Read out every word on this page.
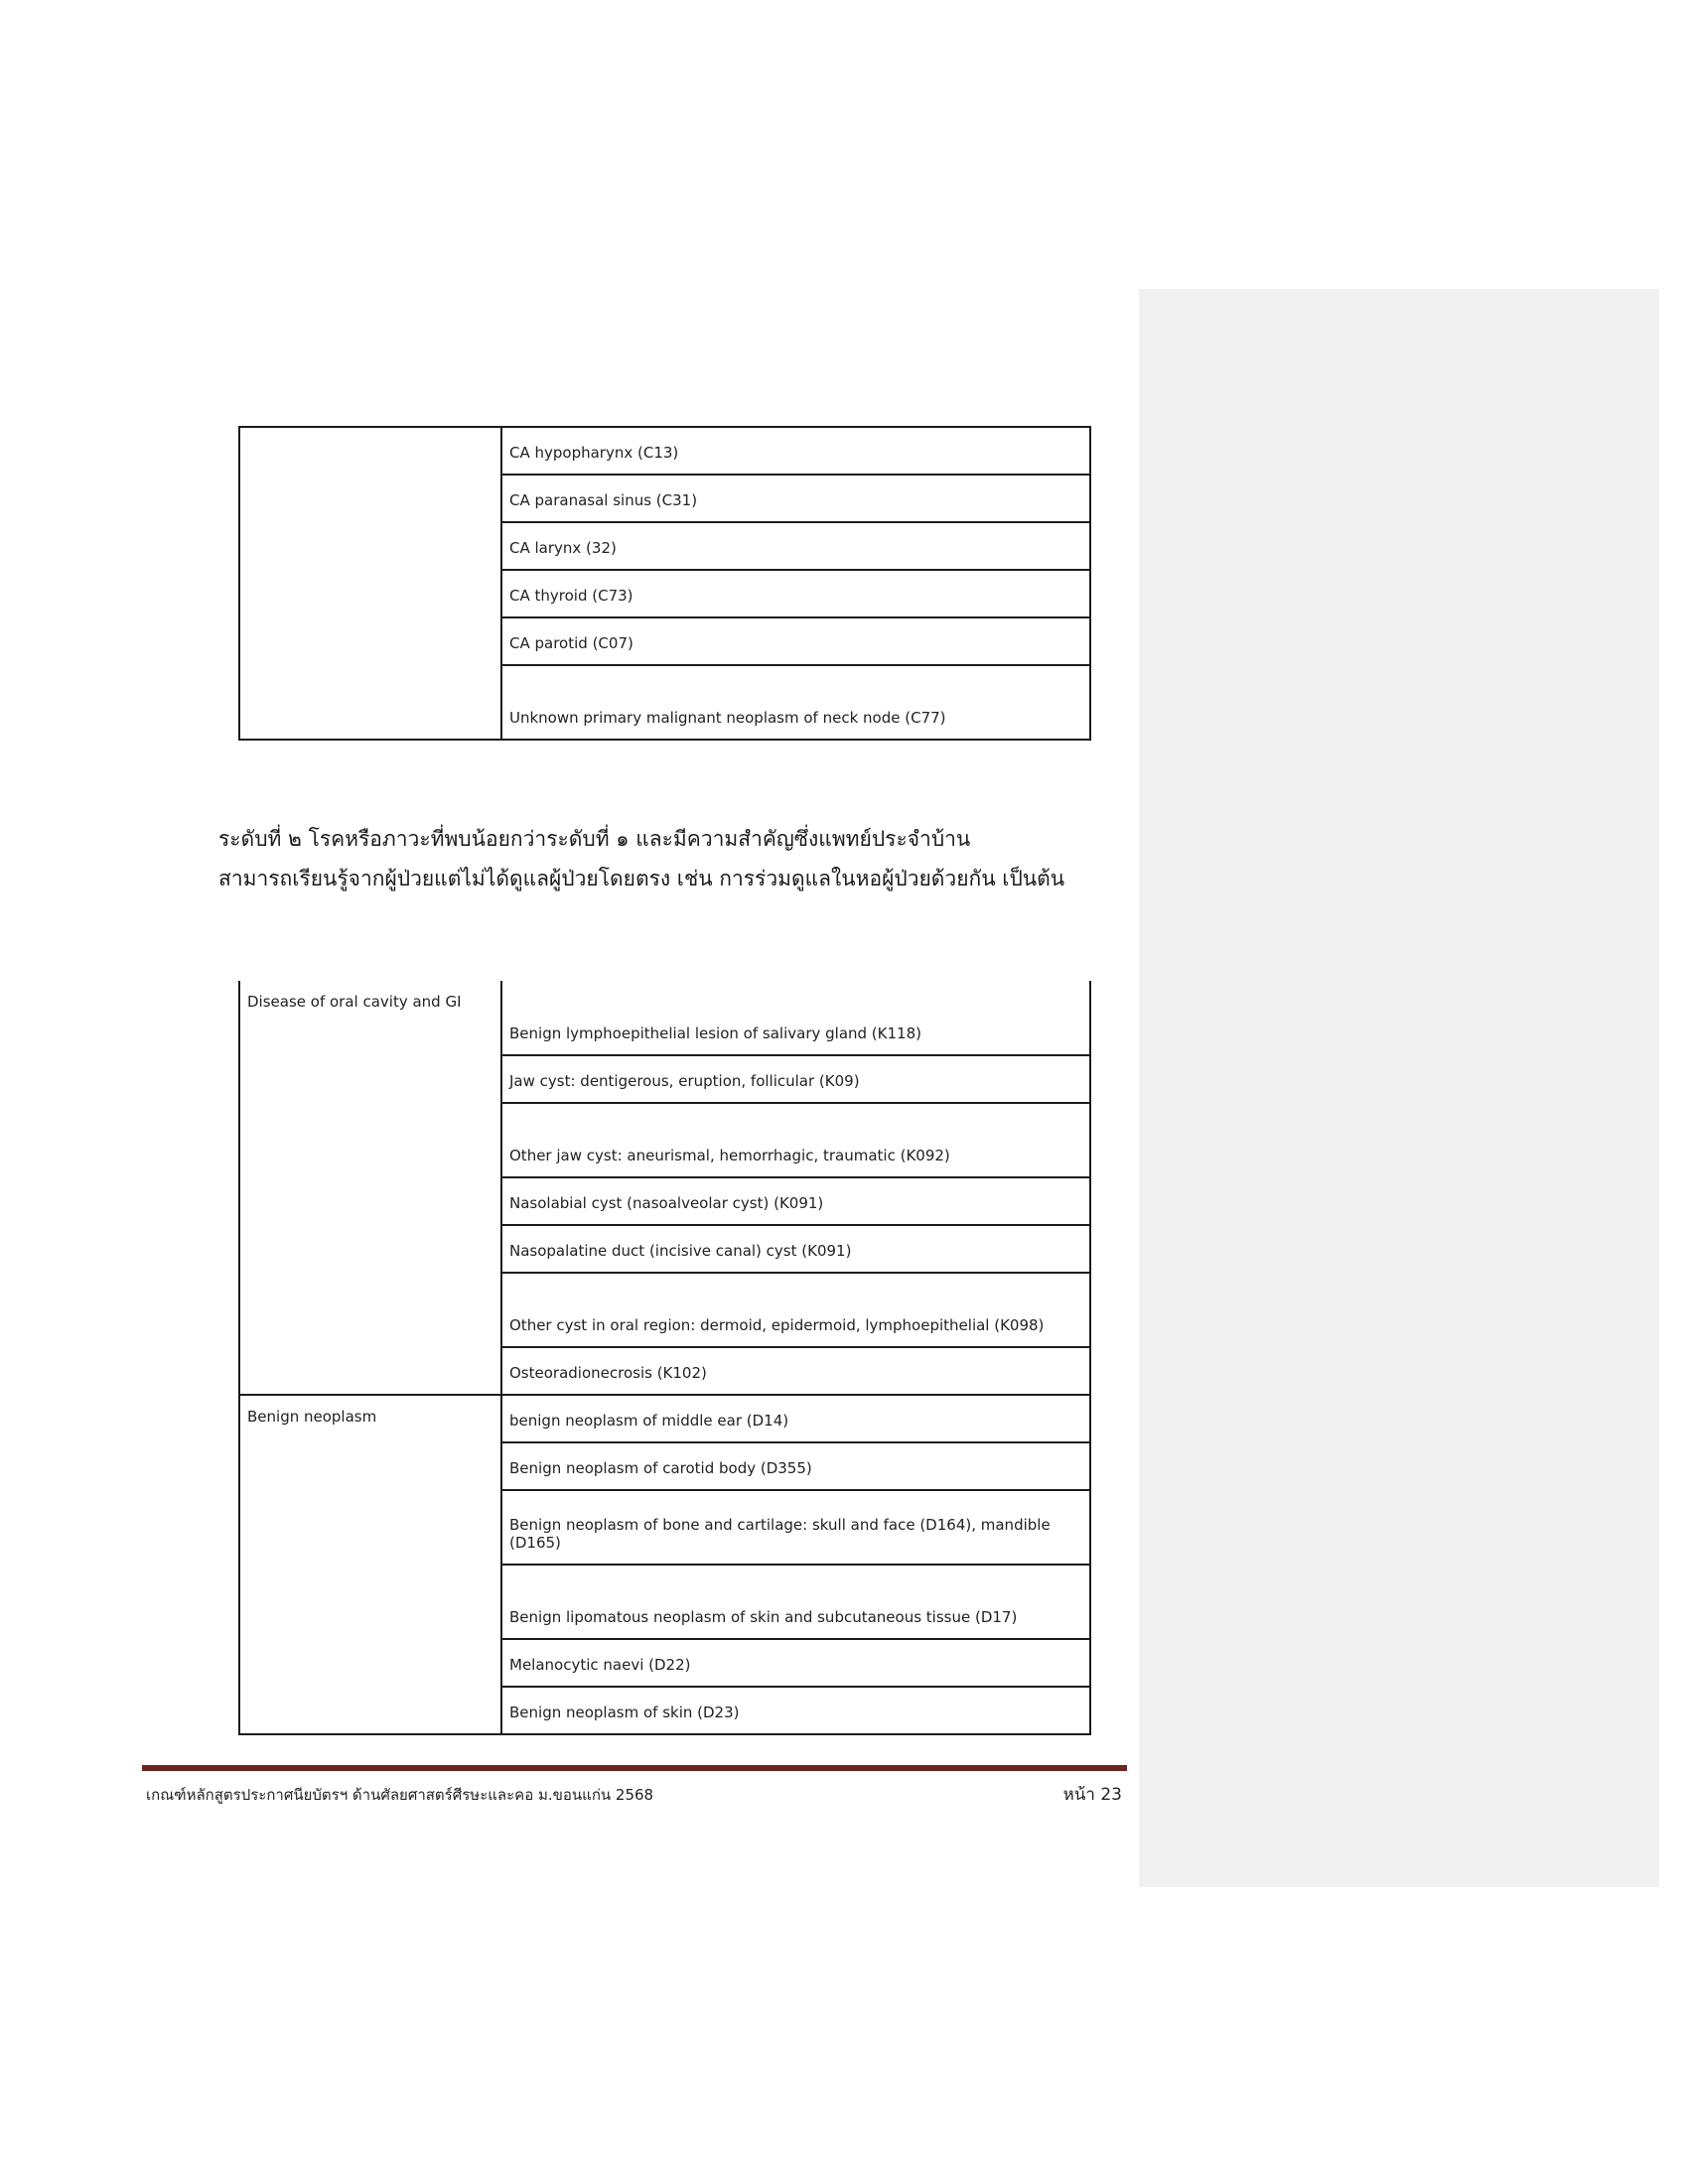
	CA hypopharynx (C13)
CA paranasal sinus (C31)
CA larynx (32)
CA thyroid (C73)
CA parotid (C07)
Unknown primary malignant neoplasm of neck node (C77)
ระดับที่ ๒ โรคหรือภาวะที่พบน้อยกว่าระดับที่ ๑ และมีความสำคัญซึ่งแพทย์ประจำบ้าน
สามารถเรียนรู้จากผู้ป่วยแต่ไม่ได้ดูแลผู้ป่วยโดยตรง เช่น การร่วมดูแลในหอผู้ป่วยด้วยกัน เป็นต้น
Disease of oral cavity and GI	Benign lymphoepithelial lesion of salivary gland (K118)
	Jaw cyst: dentigerous, eruption, follicular (K09)
	Other jaw cyst: aneurismal, hemorrhagic, traumatic (K092)
	Nasolabial cyst (nasoalveolar cyst) (K091)
	Nasopalatine duct (incisive canal) cyst (K091)
	Other cyst in oral region: dermoid, epidermoid, lymphoepithelial (K098)
	Osteoradionecrosis (K102)
Benign neoplasm	benign neoplasm of middle ear (D14)
	Benign neoplasm of carotid body (D355)
	Benign neoplasm of bone and cartilage: skull and face (D164), mandible (D165)
	Benign lipomatous neoplasm of skin and subcutaneous tissue (D17)
	Melanocytic naevi (D22)
	Benign neoplasm of skin (D23)
เกณฑ์หลักสูตรประกาศนียบัตรฯ ด้านศัลยศาสตร์ศีรษะและคอ ม.ขอนแก่น 2568	หน้า 23
